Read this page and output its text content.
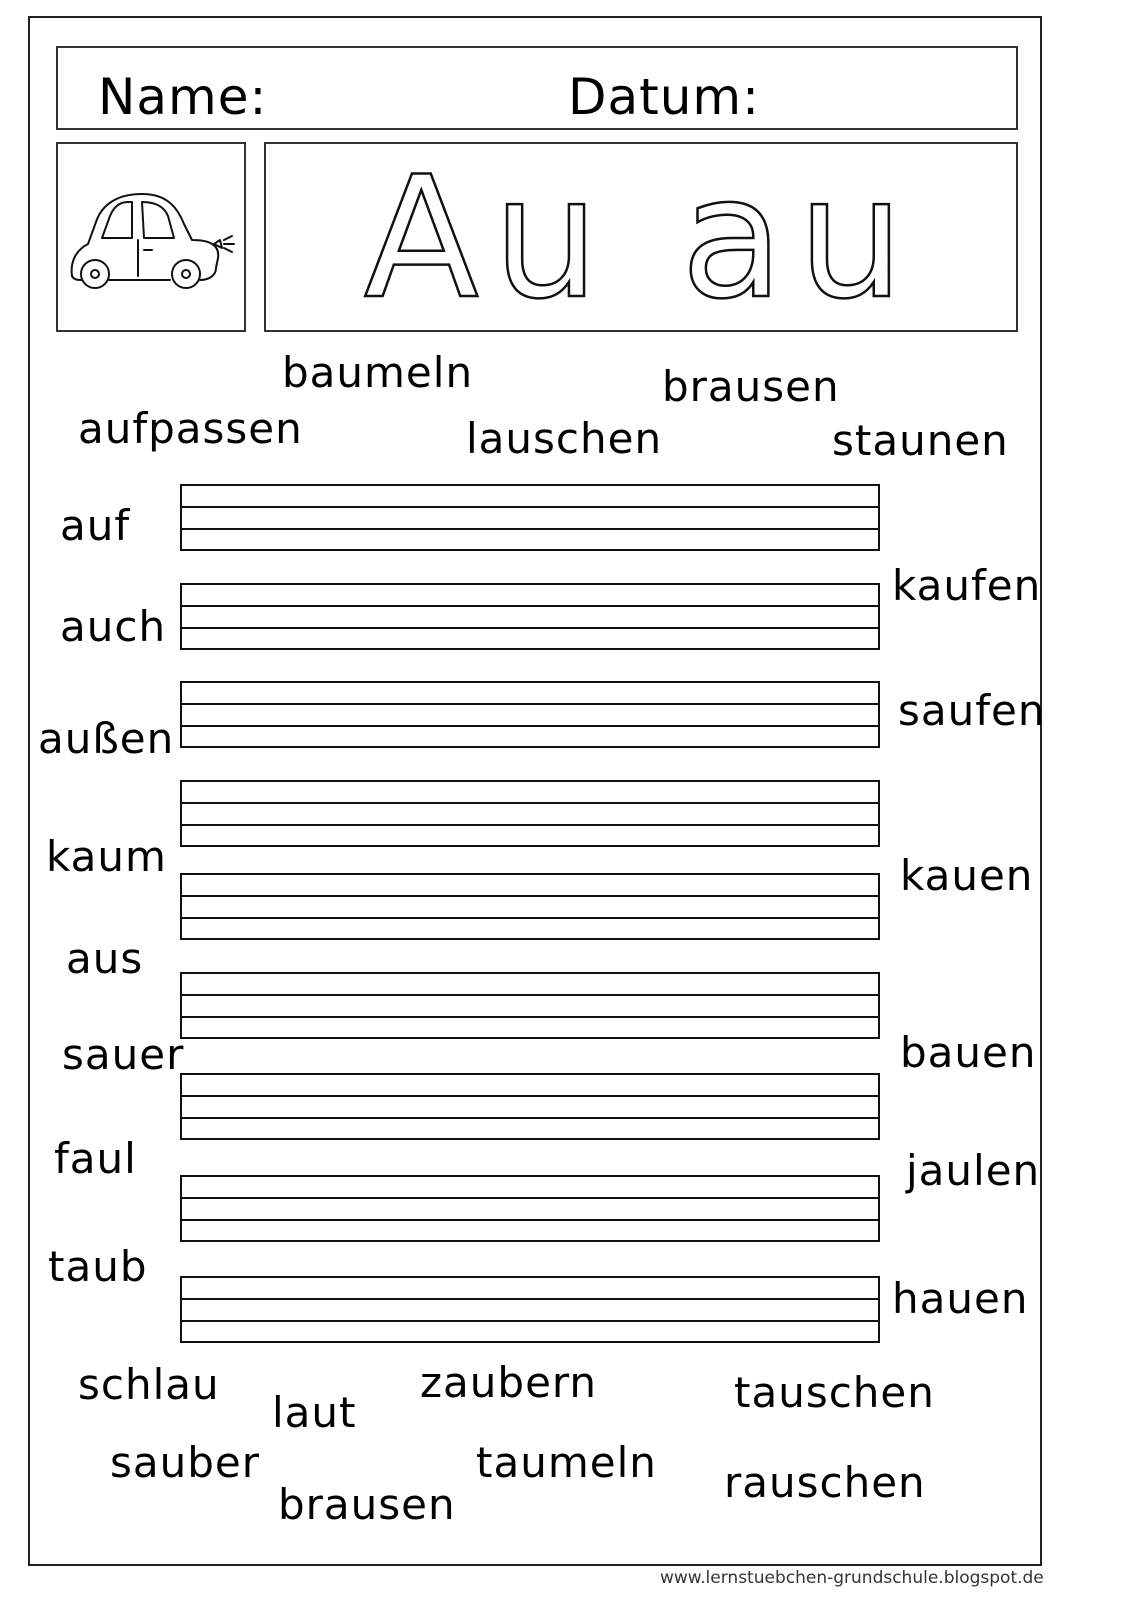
Name:	Datum:
Au au
baumeln	brausen
aufpassen	lauschen	staunen
auf
auch
außen
kaum
aus
sauer
faul
taub
kaufen
saufen
kauen
bauen
jaulen
hauen
schlau
laut
zaubern	tauschen
sauber	taumeln
brausen	rauschen
www.lernstuebchen-grundschule.blogspot.de
